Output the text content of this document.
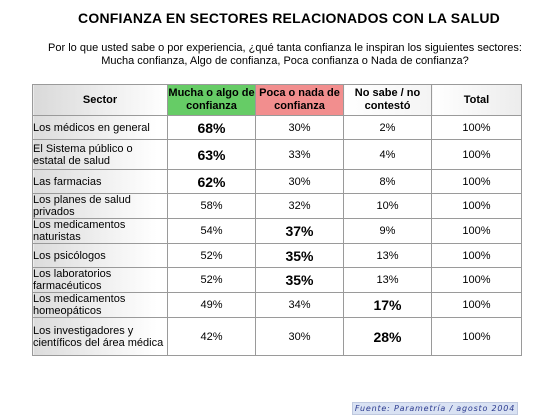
CONFIANZA EN SECTORES RELACIONADOS CON LA SALUD
Por lo que usted sabe o por experiencia, ¿qué tanta confianza le inspiran los siguientes sectores: Mucha confianza, Algo de confianza, Poca confianza o Nada de confianza?
Sector	Mucha o algo de confianza	Poca o nada de confianza	No sabe / no contestó	Total
Los médicos en general	68%	30%	2%	100%
El Sistema público o estatal de salud	63%	33%	4%	100%
Las farmacias	62%	30%	8%	100%
Los planes de salud privados	58%	32%	10%	100%
Los medicamentos naturistas	54%	37%	9%	100%
Los psicólogos	52%	35%	13%	100%
Los laboratorios farmacéuticos	52%	35%	13%	100%
Los medicamentos homeopáticos	49%	34%	17%	100%
Los investigadores y científicos del área médica	42%	30%	28%	100%
Fuente: Parametría / agosto 2004
